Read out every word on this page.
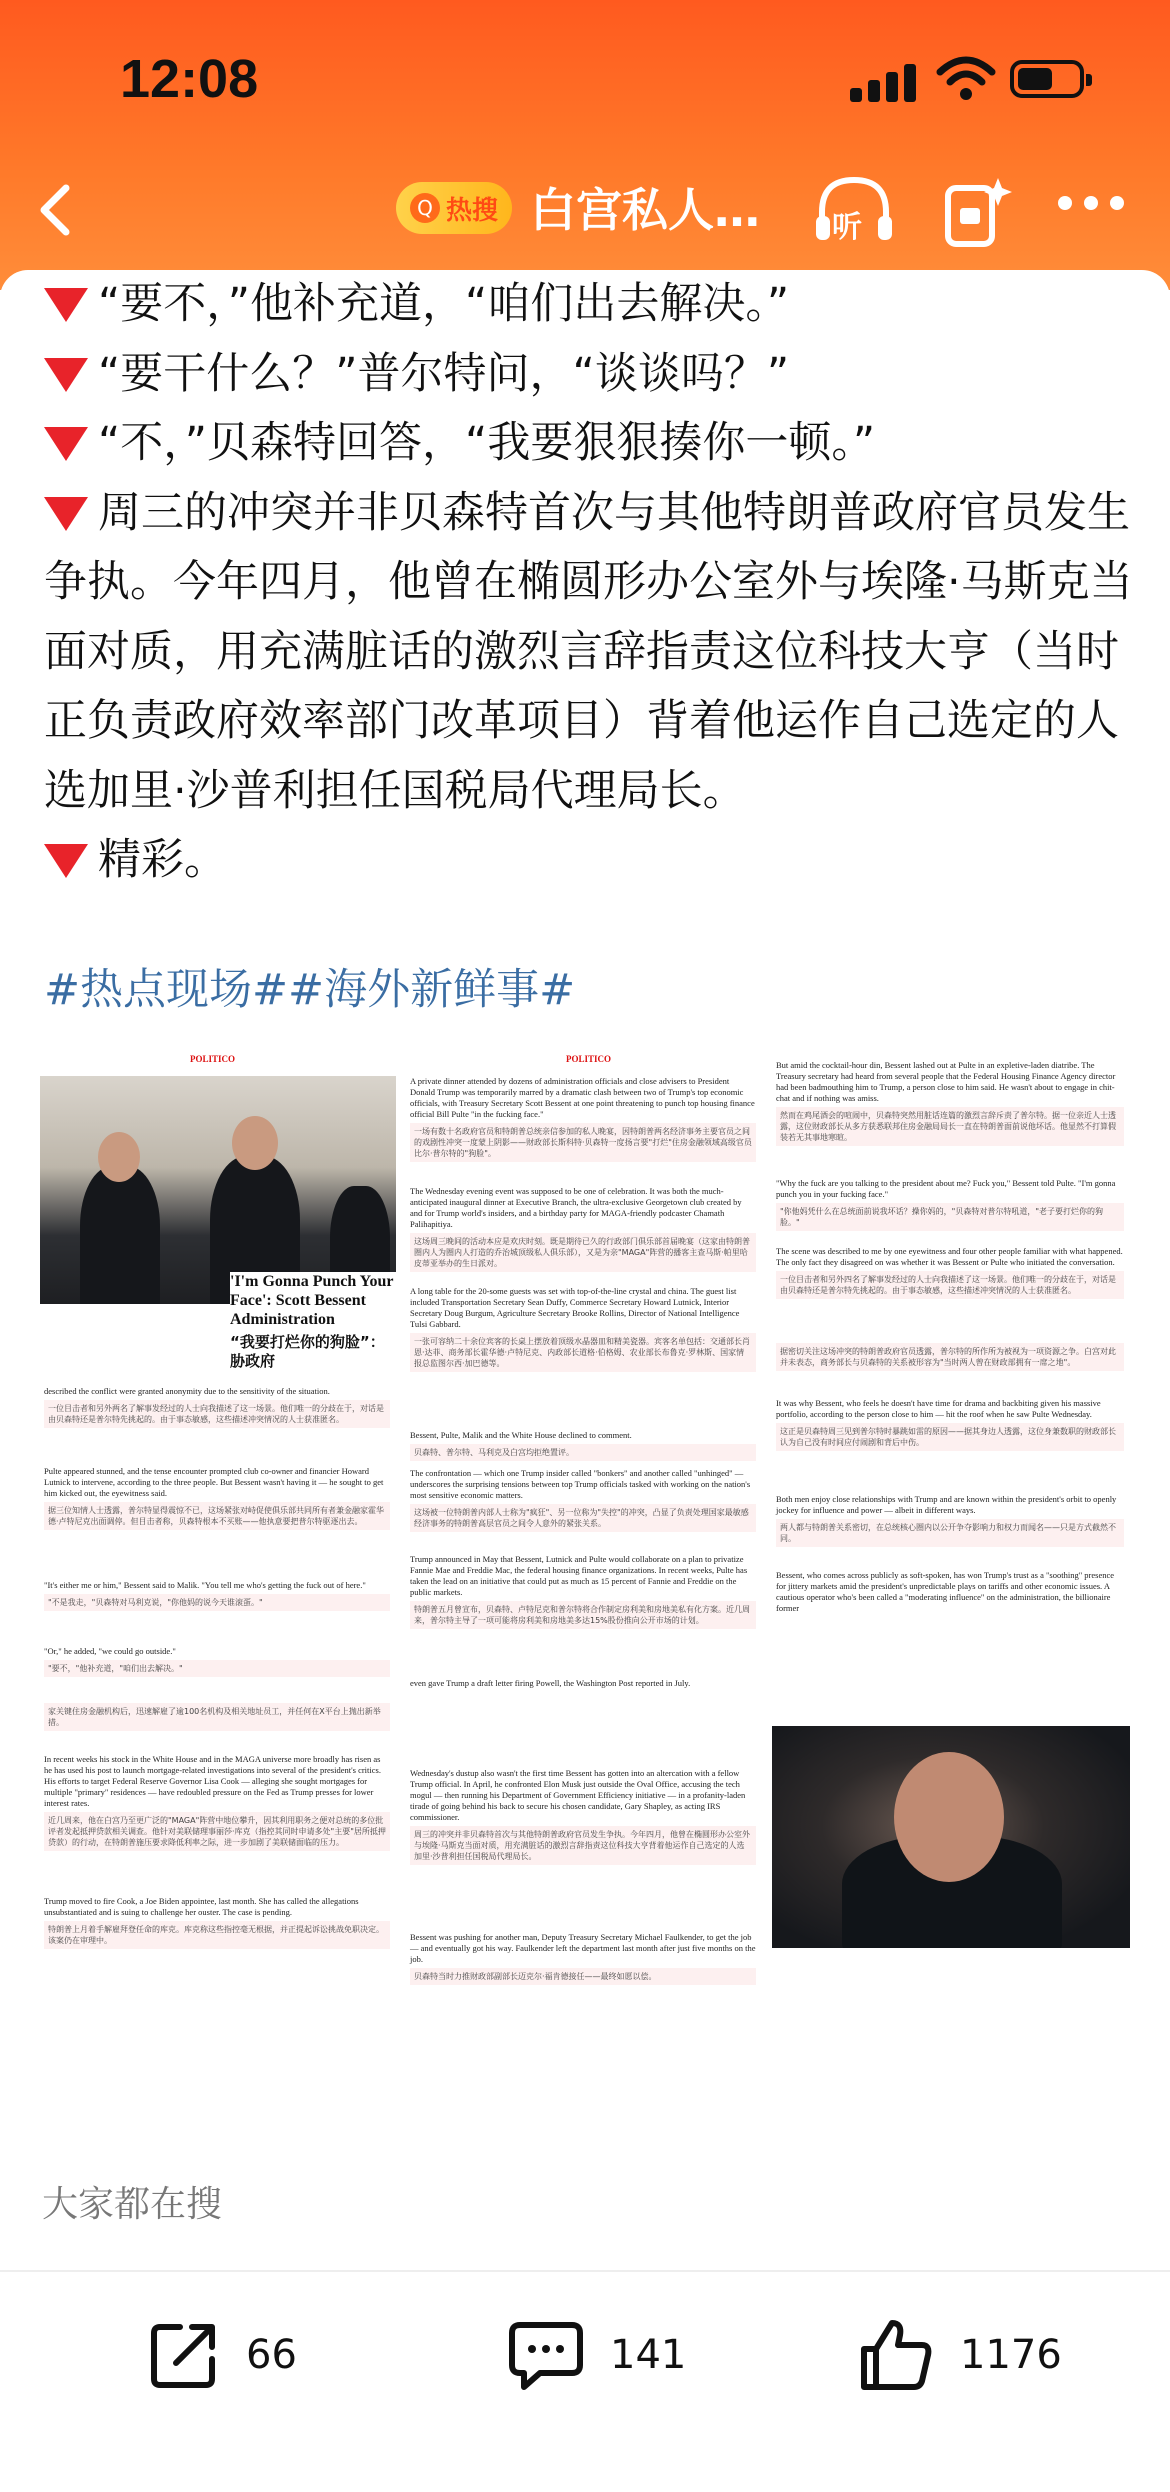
12:08
Q 热搜 白宫私人… 听

“要不，”他补充道，“咱们出去解决。”

“要干什么？”普尔特问，“谈谈吗？”

“不，”贝森特回答，“我要狠狠揍你一顿。”

周三的冲突并非贝森特首次与其他特朗普政府官员发生争执。今年四月，他曾在椭圆形办公室外与埃隆·马斯克当面对质，用充满脏话的激烈言辞指责这位科技大亨（当时正负责政府效率部门改革项目）背着他运作自己选定的人选加里·沙普利担任国税局代理局长。

精彩。

#热点现场##海外新鲜事#
POLITICO
'I'm Gonna Punch Your Face': Scott Bessent Administration
“我要打烂你的狗脸”：胁政府
described the conflict were granted anonymity due to the sensitivity of the situation.
一位目击者和另外两名了解事发经过的人士向我描述了这一场景。他们唯一的分歧在于，对话是由贝森特还是普尔特先挑起的。由于事态敏感，这些描述冲突情况的人士获准匿名。
Pulte appeared stunned, and the tense encounter prompted club co-owner and financier Howard Lutnick to intervene, according to the three people. But Bessent wasn't having it — he sought to get him kicked out, the eyewitness said.
据三位知情人士透露，普尔特显得震惊不已，这场紧张对峙促使俱乐部共同所有者兼金融家霍华德·卢特尼克出面调停。但目击者称，贝森特根本不买账——他执意要把普尔特驱逐出去。
"It's either me or him," Bessent said to Malik. "You tell me who's getting the fuck out of here."
"不是我走，"贝森特对马利克说，"你他妈的说今天谁滚蛋。"
"Or," he added, "we could go outside."
"要不，"他补充道，"咱们出去解决。"
家关键住房金融机构后，迅速解雇了逾100名机构及相关地址员工，并任何在X平台上抛出新举措。
In recent weeks his stock in the White House and in the MAGA universe more broadly has risen as he has used his post to launch mortgage-related investigations into several of the president's critics. His efforts to target Federal Reserve Governor Lisa Cook — alleging she sought mortgages for multiple "primary" residences — have redoubled pressure on the Fed as Trump presses for lower interest rates.
近几周来，他在白宫乃至更广泛的"MAGA"阵营中地位攀升，因其利用职务之便对总统的多位批评者发起抵押贷款相关调查。他针对美联储理事丽莎·库克（指控其同时申请多处"主要"居所抵押贷款）的行动，在特朗普施压要求降低利率之际，进一步加剧了美联储面临的压力。
Trump moved to fire Cook, a Joe Biden appointee, last month. She has called the allegations unsubstantiated and is suing to challenge her ouster. The case is pending.
特朗普上月着手解雇拜登任命的库克。库克称这些指控毫无根据，并正提起诉讼挑战免职决定。该案仍在审理中。
POLITICO
A private dinner attended by dozens of administration officials and close advisers to President Donald Trump was temporarily marred by a dramatic clash between two of Trump's top economic officials, with Treasury Secretary Scott Bessent at one point threatening to punch top housing finance official Bill Pulte "in the fucking face."
一场有数十名政府官员和特朗普总统亲信参加的私人晚宴，因特朗普两名经济事务主要官员之间的戏剧性冲突一度蒙上阴影——财政部长斯科特·贝森特一度扬言要"打烂"住房金融领域高级官员比尔·普尔特的"狗脸"。
The Wednesday evening event was supposed to be one of celebration. It was both the much-anticipated inaugural dinner at Executive Branch, the ultra-exclusive Georgetown club created by and for Trump world's insiders, and a birthday party for MAGA-friendly podcaster Chamath Palihapitiya.
这场周三晚间的活动本应是欢庆时刻。既是期待已久的行政部门俱乐部首届晚宴（这家由特朗普圈内人为圈内人打造的乔治城顶级私人俱乐部），又是为亲"MAGA"阵营的播客主查马斯·帕里哈皮蒂亚举办的生日派对。
A long table for the 20-some guests was set with top-of-the-line crystal and china. The guest list included Transportation Secretary Sean Duffy, Commerce Secretary Howard Lutnick, Interior Secretary Doug Burgum, Agriculture Secretary Brooke Rollins, Director of National Intelligence Tulsi Gabbard.
一张可容纳二十余位宾客的长桌上摆放着顶级水晶器皿和精美瓷器。宾客名单包括：交通部长肖恩·达菲、商务部长霍华德·卢特尼克、内政部长道格·伯格姆、农业部长布鲁克·罗林斯、国家情报总监图尔西·加巴德等。
Bessent, Pulte, Malik and the White House declined to comment.
贝森特、普尔特、马利克及白宫均拒绝置评。
The confrontation — which one Trump insider called "bonkers" and another called "unhinged" — underscores the surprising tensions between top Trump officials tasked with working on the nation's most sensitive economic matters.
这场被一位特朗普内部人士称为"疯狂"、另一位称为"失控"的冲突，凸显了负责处理国家最敏感经济事务的特朗普高层官员之间令人意外的紧张关系。
Trump announced in May that Bessent, Lutnick and Pulte would collaborate on a plan to privatize Fannie Mae and Freddie Mac, the federal housing finance organizations. In recent weeks, Pulte has taken the lead on an initiative that could put as much as 15 percent of Fannie and Freddie on the public markets.
特朗普五月曾宣布，贝森特、卢特尼克和普尔特将合作制定房利美和房地美私有化方案。近几周来，普尔特主导了一项可能将房利美和房地美多达15%股份推向公开市场的计划。
even gave Trump a draft letter firing Powell, the Washington Post reported in July.
Wednesday's dustup also wasn't the first time Bessent has gotten into an altercation with a fellow Trump official. In April, he confronted Elon Musk just outside the Oval Office, accusing the tech mogul — then running his Department of Government Efficiency initiative — in a profanity-laden tirade of going behind his back to secure his chosen candidate, Gary Shapley, as acting IRS commissioner.
周三的冲突并非贝森特首次与其他特朗普政府官员发生争执。今年四月，他曾在椭圆形办公室外与埃隆·马斯克当面对质，用充满脏话的激烈言辞指责这位科技大亨背着他运作自己选定的人选加里·沙普利担任国税局代理局长。
Bessent was pushing for another man, Deputy Treasury Secretary Michael Faulkender, to get the job — and eventually got his way. Faulkender left the department last month after just five months on the job.
贝森特当时力推财政部副部长迈克尔·福肯德接任——最终如愿以偿。
But amid the cocktail-hour din, Bessent lashed out at Pulte in an expletive-laden diatribe. The Treasury secretary had heard from several people that the Federal Housing Finance Agency director had been badmouthing him to Trump, a person close to him said. He wasn't about to engage in chit-chat and if nothing was amiss.
然而在鸡尾酒会的喧闹中，贝森特突然用脏话连篇的激烈言辞斥责了普尔特。据一位亲近人士透露，这位财政部长从多方获悉联邦住房金融局局长一直在特朗普面前说他坏话。他显然不打算假装若无其事地寒暄。
"Why the fuck are you talking to the president about me? Fuck you," Bessent told Pulte. "I'm gonna punch you in your fucking face."
"你他妈凭什么在总统面前说我坏话？操你妈的，"贝森特对普尔特吼道，"老子要打烂你的狗脸。"
The scene was described to me by one eyewitness and four other people familiar with what happened. The only fact they disagreed on was whether it was Bessent or Pulte who initiated the conversation.
一位目击者和另外四名了解事发经过的人士向我描述了这一场景。他们唯一的分歧在于，对话是由贝森特还是普尔特先挑起的。由于事态敏感，这些描述冲突情况的人士获准匿名。
据密切关注这场冲突的特朗普政府官员透露，普尔特的所作所为被视为一项资源之争。白宫对此并未表态，商务部长与贝森特的关系被形容为"当时两人曾在财政部拥有一席之地"。
It was why Bessent, who feels he doesn't have time for drama and backbiting given his massive portfolio, according to the person close to him — hit the roof when he saw Pulte Wednesday.
这正是贝森特周三见到普尔特时暴跳如雷的原因——据其身边人透露，这位身兼数职的财政部长认为自己没有时间应付闹剧和背后中伤。
Both men enjoy close relationships with Trump and are known within the president's orbit to openly jockey for influence and power — albeit in different ways.
两人都与特朗普关系密切，在总统核心圈内以公开争夺影响力和权力而闻名——只是方式截然不同。
Bessent, who comes across publicly as soft-spoken, has won Trump's trust as a "soothing" presence for jittery markets amid the president's unpredictable plays on tariffs and other economic issues. A cautious operator who's been called a "moderating influence" on the administration, the billionaire former
大家都在搜
66	141	1176
